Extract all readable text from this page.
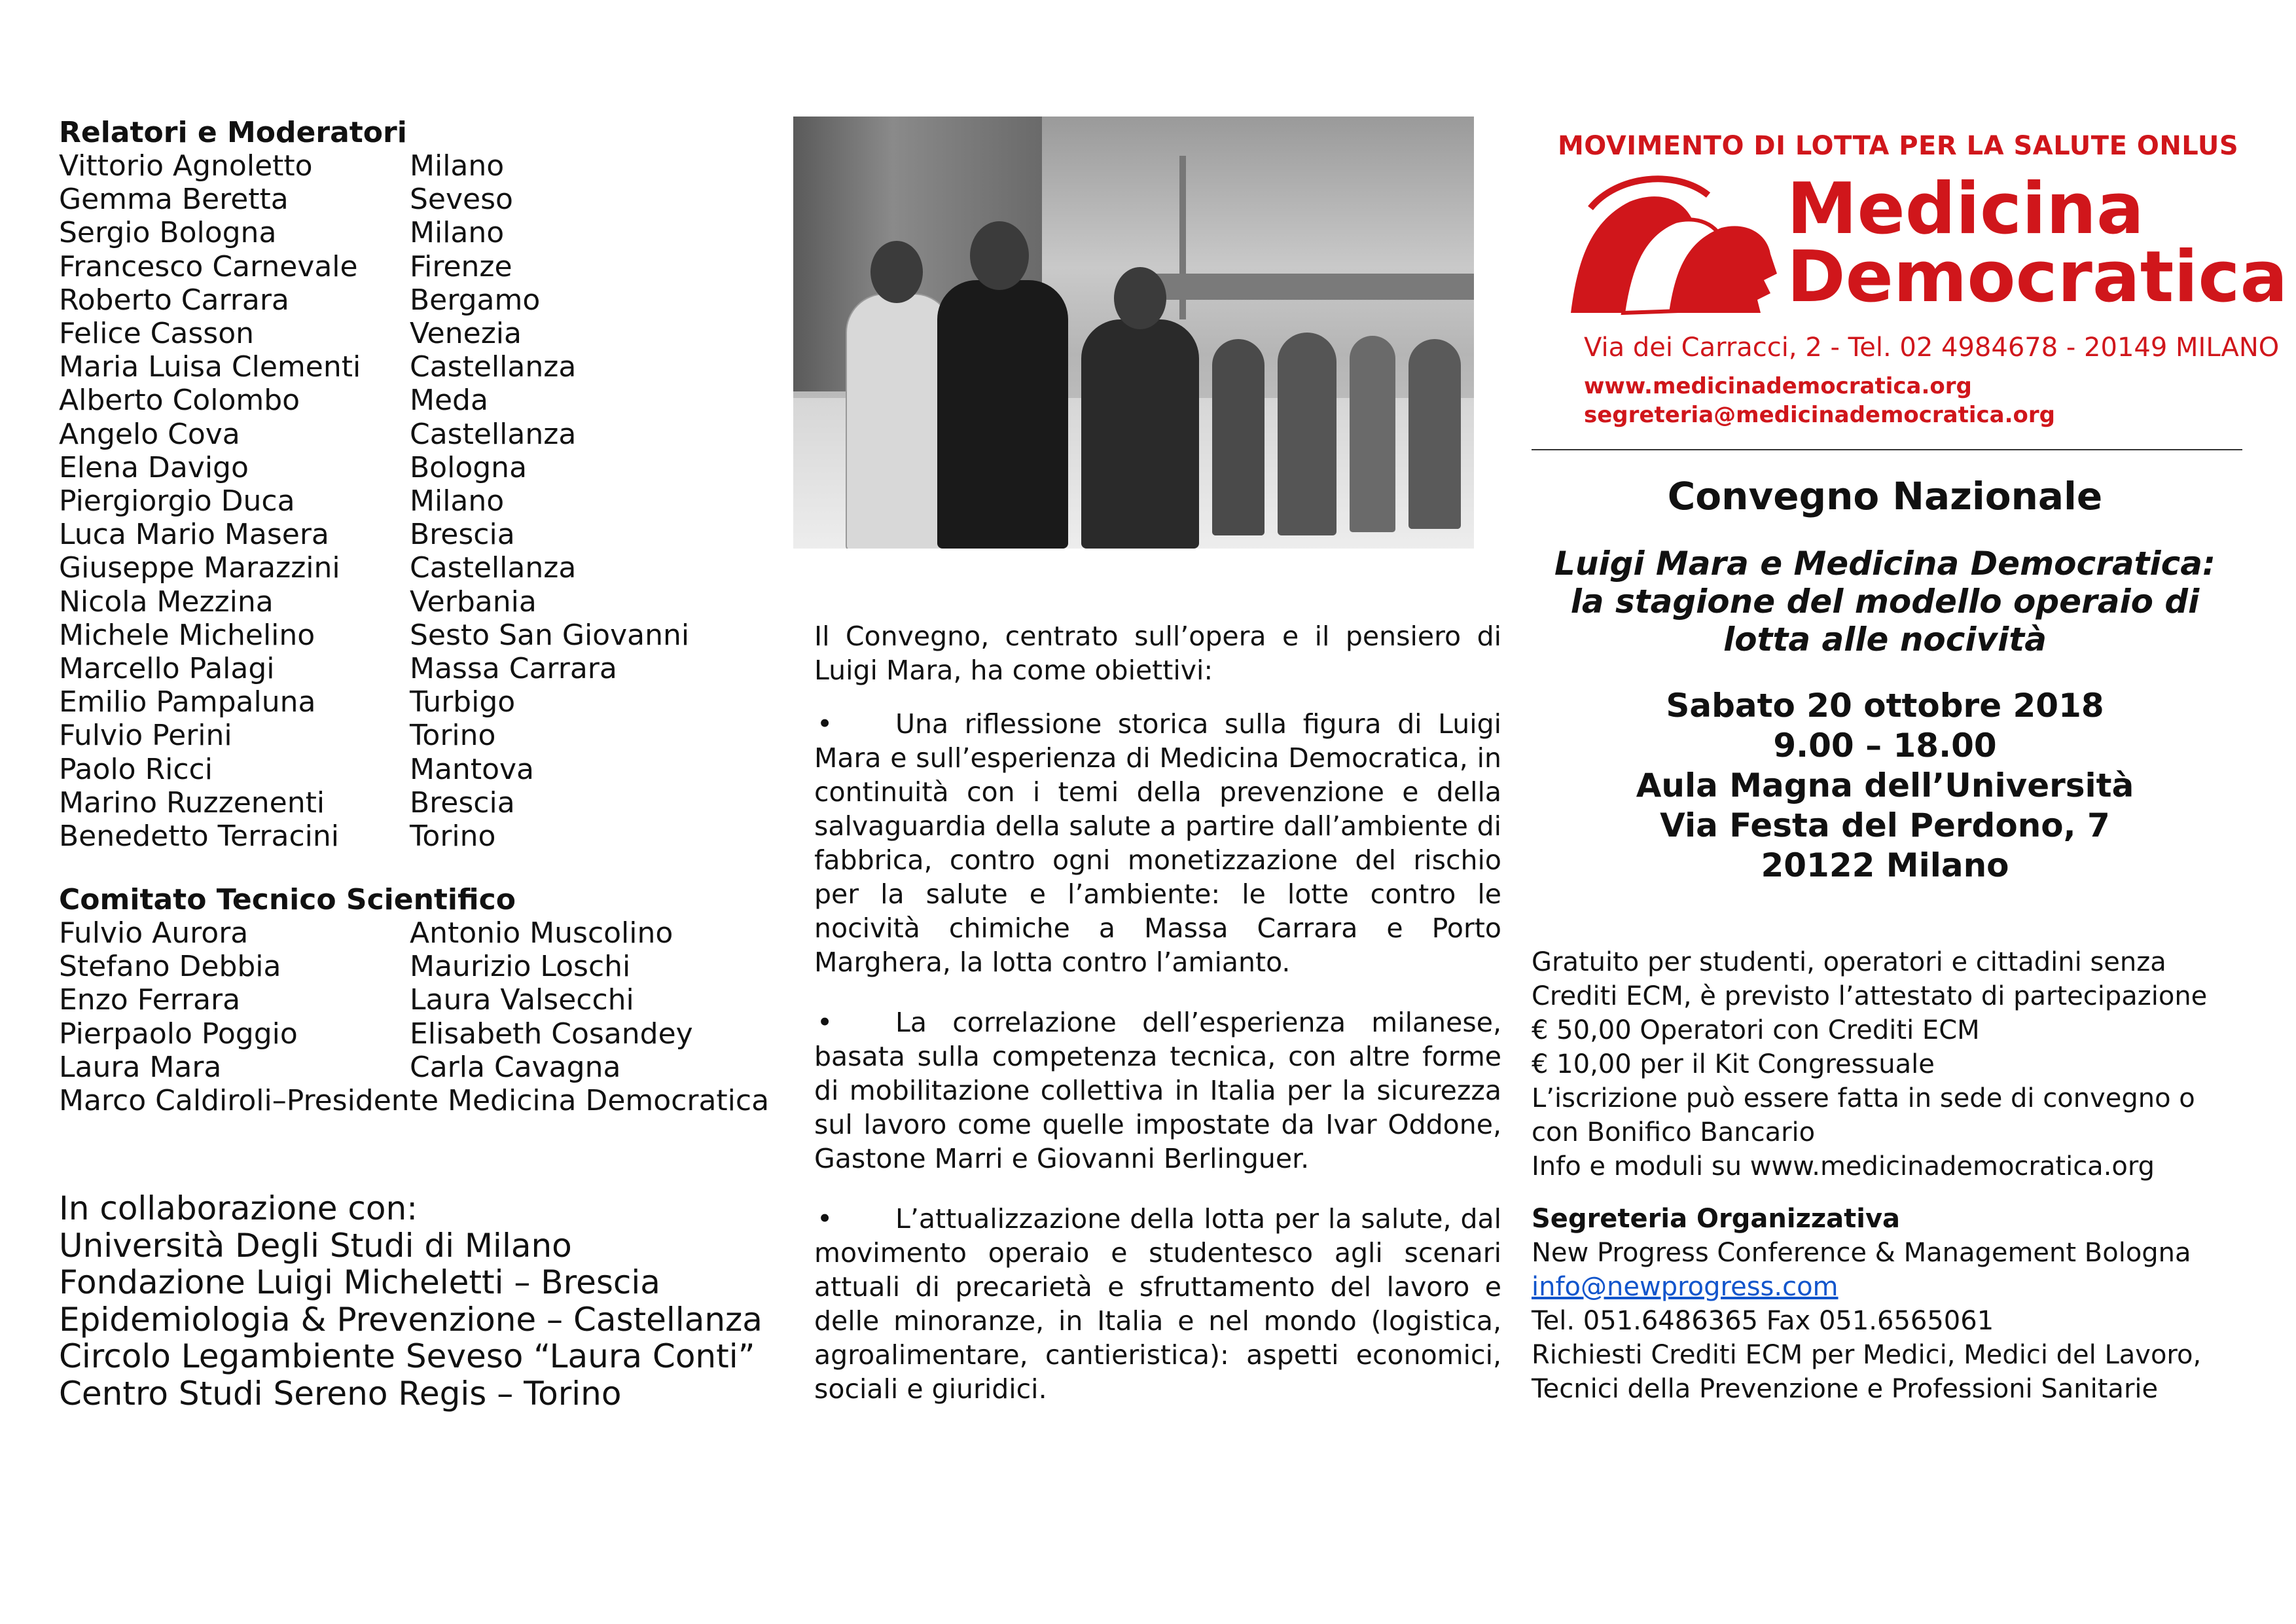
Relatori e Moderatori

Vittorio Agnoletto	Milano
Gemma Beretta	Seveso
Sergio Bologna	Milano
Francesco Carnevale	Firenze
Roberto Carrara	Bergamo
Felice Casson	Venezia
Maria Luisa Clementi	Castellanza
Alberto Colombo	Meda
Angelo Cova	Castellanza
Elena Davigo	Bologna
Piergiorgio Duca	Milano
Luca Mario Masera	Brescia
Giuseppe Marazzini	Castellanza
Nicola Mezzina	Verbania
Michele Michelino	Sesto San Giovanni
Marcello Palagi	Massa Carrara
Emilio Pampaluna	Turbigo
Fulvio Perini	Torino
Paolo Ricci	Mantova
Marino Ruzzenenti	Brescia
Benedetto Terracini	Torino

Comitato Tecnico Scientifico

Fulvio Aurora	Antonio Muscolino
Stefano Debbia	Maurizio Loschi
Enzo Ferrara	Laura Valsecchi
Pierpaolo Poggio	Elisabeth Cosandey
Laura Mara	Carla Cavagna
Marco Caldiroli–Presidente Medicina Democratica
In collaborazione con:
Università Degli Studi di Milano
Fondazione Luigi Micheletti – Brescia
Epidemiologia & Prevenzione – Castellanza
Circolo Legambiente Seveso “Laura Conti”
Centro Studi Sereno Regis – Torino

Il Convegno, centrato sull’opera e il pensiero di Luigi Mara, ha come obiettivi:

• Una riflessione storica sulla figura di Luigi Mara e sull’esperienza di Medicina Democratica, in continuità con i temi della prevenzione e della salvaguardia della salute a partire dall’ambiente di fabbrica, contro ogni monetizzazione del rischio per la salute e l’ambiente: le lotte contro le nocività chimiche a Massa Carrara e Porto Marghera, la lotta contro l’amianto.

• La correlazione dell’esperienza milanese, basata sulla competenza tecnica, con altre forme di mobilitazione collettiva in Italia per la sicurezza sul lavoro come quelle impostate da Ivar Oddone, Gastone Marri e Giovanni Berlinguer.

• L’attualizzazione della lotta per la salute, dal movimento operaio e studentesco agli scenari attuali di precarietà e sfruttamento del lavoro e delle minoranze, in Italia e nel mondo (logistica, agroalimentare, cantieristica): aspetti economici, sociali e giuridici.

MOVIMENTO DI LOTTA PER LA SALUTE ONLUS
Medicina
Democratica
Via dei Carracci, 2 - Tel. 02 4984678 - 20149 MILANO
www.medicinademocratica.org
segreteria@medicinademocratica.org
Convegno Nazionale
Luigi Mara e Medicina Democratica:
la stagione del modello operaio di
lotta alle nocività
Sabato 20 ottobre 2018
9.00 – 18.00
Aula Magna dell’Università
Via Festa del Perdono, 7
20122 Milano
Gratuito per studenti, operatori e cittadini senza
Crediti ECM, è previsto l’attestato di partecipazione
€ 50,00 Operatori con Crediti ECM
€ 10,00 per il Kit Congressuale
L’iscrizione può essere fatta in sede di convegno o
con Bonifico Bancario
Info e moduli su www.medicinademocratica.org
Segreteria Organizzativa
New Progress Conference & Management Bologna
info@newprogress.com
Tel. 051.6486365 Fax 051.6565061
Richiesti Crediti ECM per Medici, Medici del Lavoro,
Tecnici della Prevenzione e Professioni Sanitarie
